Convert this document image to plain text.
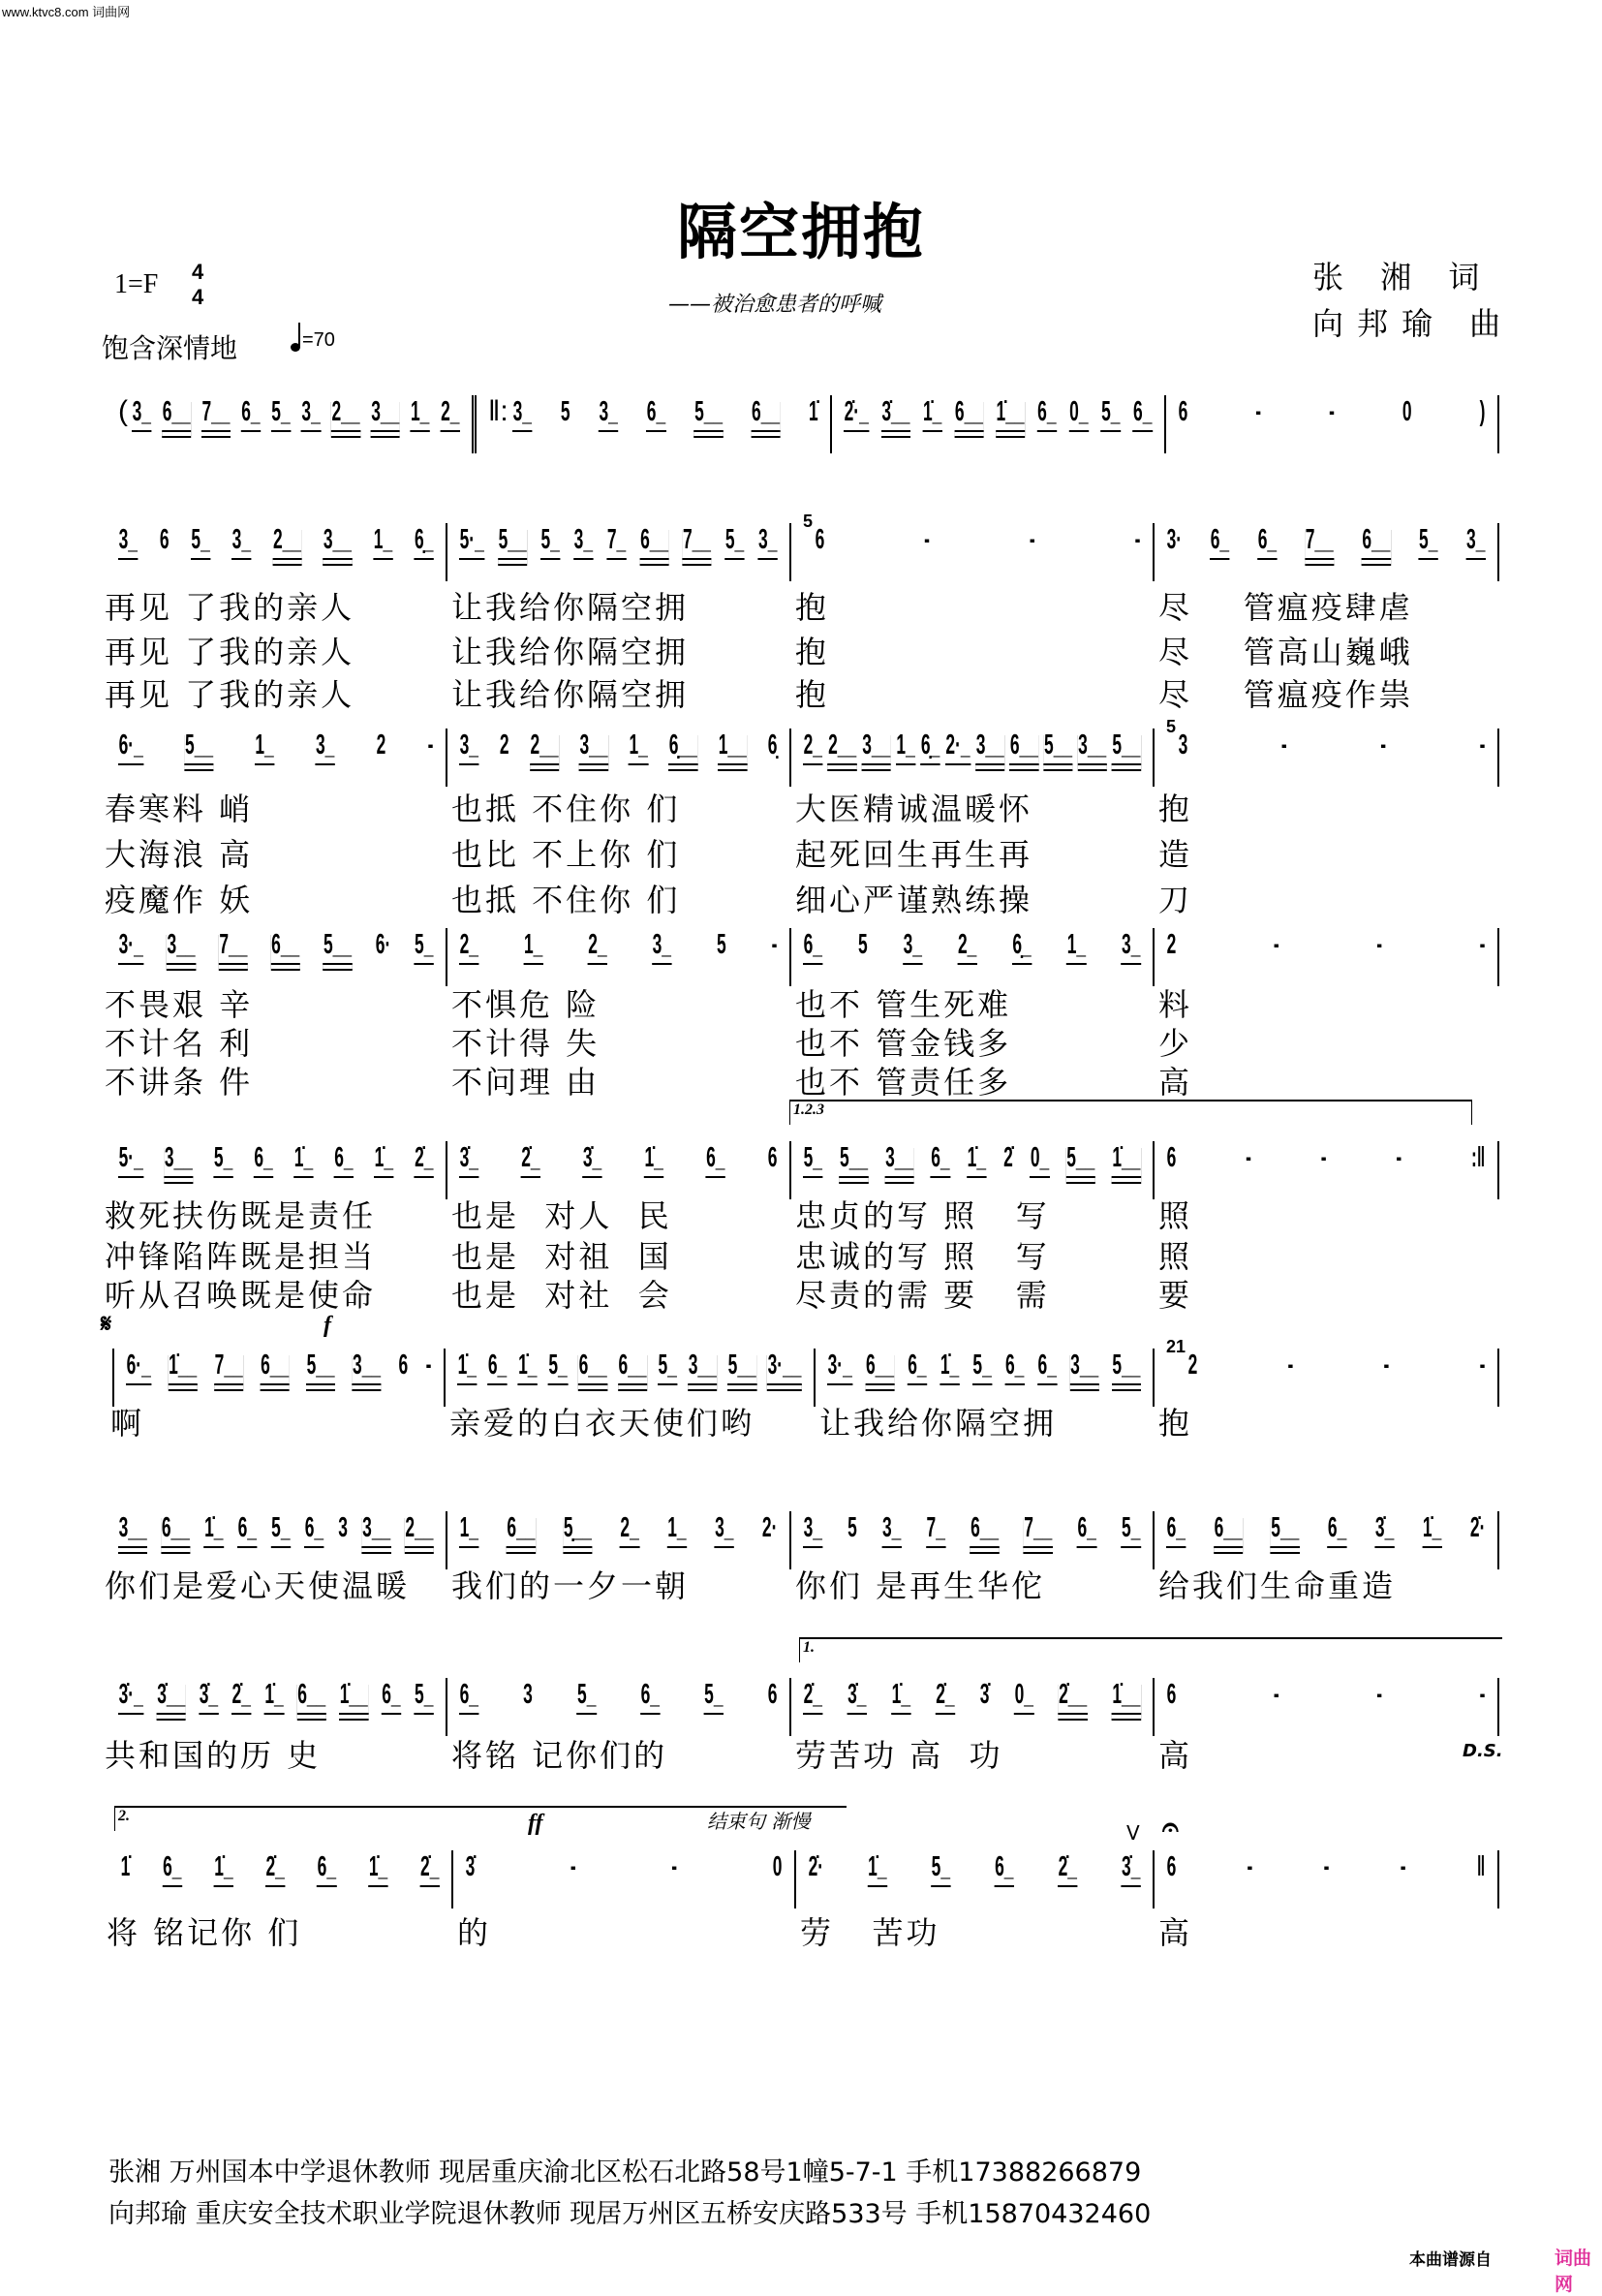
www.ktvc8.com 词曲网
隔空拥抱
——被治愈患者的呼喊
1=F 4
4
饱含深情地	=70
张 湘 词
向邦瑜 曲
( 3_ 6__ 7__ 6_ 5_ 3_ 2__ 3__ 1_ 2_ ‖: 3_ 5 3_ 6_ 5__ 6__ 1̇ 2̇·_ 3̇__ 1̇_ 6__ 1̇__ 6_ 0_ 5_ 6_ 6 - - 0 )
3_ 6 5_ 3_ 2__ 3__ 1_ 6̣_
再见 了我的亲人
再见 了我的亲人
再见 了我的亲人
5·_ 5__ 5_ 3_ 7_ 6__ 7__ 5_ 3_
让我给你隔空拥
让我给你隔空拥
让我给你隔空拥
5
6	-	-	-
抱
抱
抱
3· 6_ 6_ 7__ 6__ 5_ 3_
尽    管瘟疫肆虐
尽    管高山巍峨
尽    管瘟疫作祟
6·_ 5__ 1_ 3_ 2 -
春寒料 峭
大海浪 高
疫魔作 妖
3_ 2 2__ 3__ 1_ 6̣__ 1__ 6̣
也抵 不住你 们
也比 不上你 们
也抵 不住你 们
2_ 2__ 3__ 1_ 6̣_ 2·_ 3__ 6__ 5__ 3__ 5__
大医精诚温暖怀
起死回生再生再
细心严谨熟练操
5
3	-	-	-
抱
造
刀
3·_ 3__ 7__ 6__ 5__ 6· 5_
不畏艰 辛
不计名 利
不讲条 件
2_ 1_ 2_ 3_ 5 -
不惧危 险
不计得 失
不问理 由
6_ 5 3_ 2_ 6̣_ 1_ 3_
也不 管生死难
也不 管金钱多
也不 管责任多
2	-	-	-
料
少
高
5·_ 3__ 5_ 6_ 1̇_ 6_ 1̇_ 2̇_
救死扶伤既是责任
冲锋陷阵既是担当
听从召唤既是使命
3̇_ 2̇_ 3̇_ 1̇_ 6_ 6
也是  对人  民
也是  对祖  国
也是  对社  会
5_ 5__ 3__ 6_ 1̇_ 2̇ 0_ 5__ 1̇__
忠贞的写 照   写
忠诚的写 照   写
尽责的需 要   需
6 - - - :‖
照
照
要
6·_ 1̇__ 7__ 6__ 5__ 3__ 6 -
啊
1̇_ 6_ 1̇_ 5_ 6__ 6__ 5_ 3__ 5__ 3·__
亲爱的白衣天使们哟
3·_ 6__ 6_ 1̇_ 5_ 6_ 6_ 3__ 5__
让我给你隔空拥
21
2	-	-	-
抱
3__ 6__ 1̇_ 6_ 5_ 6_ 3 3__ 2__
你们是爱心天使温暖
1_ 6__ 5̣__ 2_ 1_ 3_ 2·
我们的一夕一朝
3_ 5 3_ 7_ 6__ 7__ 6_ 5_
你们 是再生华佗
6_ 6__ 5__ 6_ 3̇_ 1̇_ 2̇·
给我们生命重造
3̇·_ 3̇__ 3̇_ 2̇_ 1̇_ 6__ 1̇__ 6_ 5_
共和国的历 史
6_ 3 5_ 6_ 5_ 6
将铭 记你们的
2̇_ 3̇_ 1̇_ 2̇_ 3̇ 0_ 2̇__ 1̇__
劳苦功 高  功
6	-	-	-
高
1̇ 6_ 1̇_ 2̇_ 6_ 1̇_ 2̇_
将 铭记你 们
3̇	-	-	0
的
2̇· 1̇_ 5_ 6_ 2̇_ 3̇_
劳   苦功
6	-	-	-	‖
高
1.2.3
𝄋	f
1.
D.S.
2.	ff	结束句 渐慢	V 𝄐
张湘 万州国本中学退休教师 现居重庆渝北区松石北路58号1幢5-7-1 手机17388266879
向邦瑜 重庆安全技术职业学院退休教师 现居万州区五桥安庆路533号 手机15870432460
本曲谱源自	词曲网
